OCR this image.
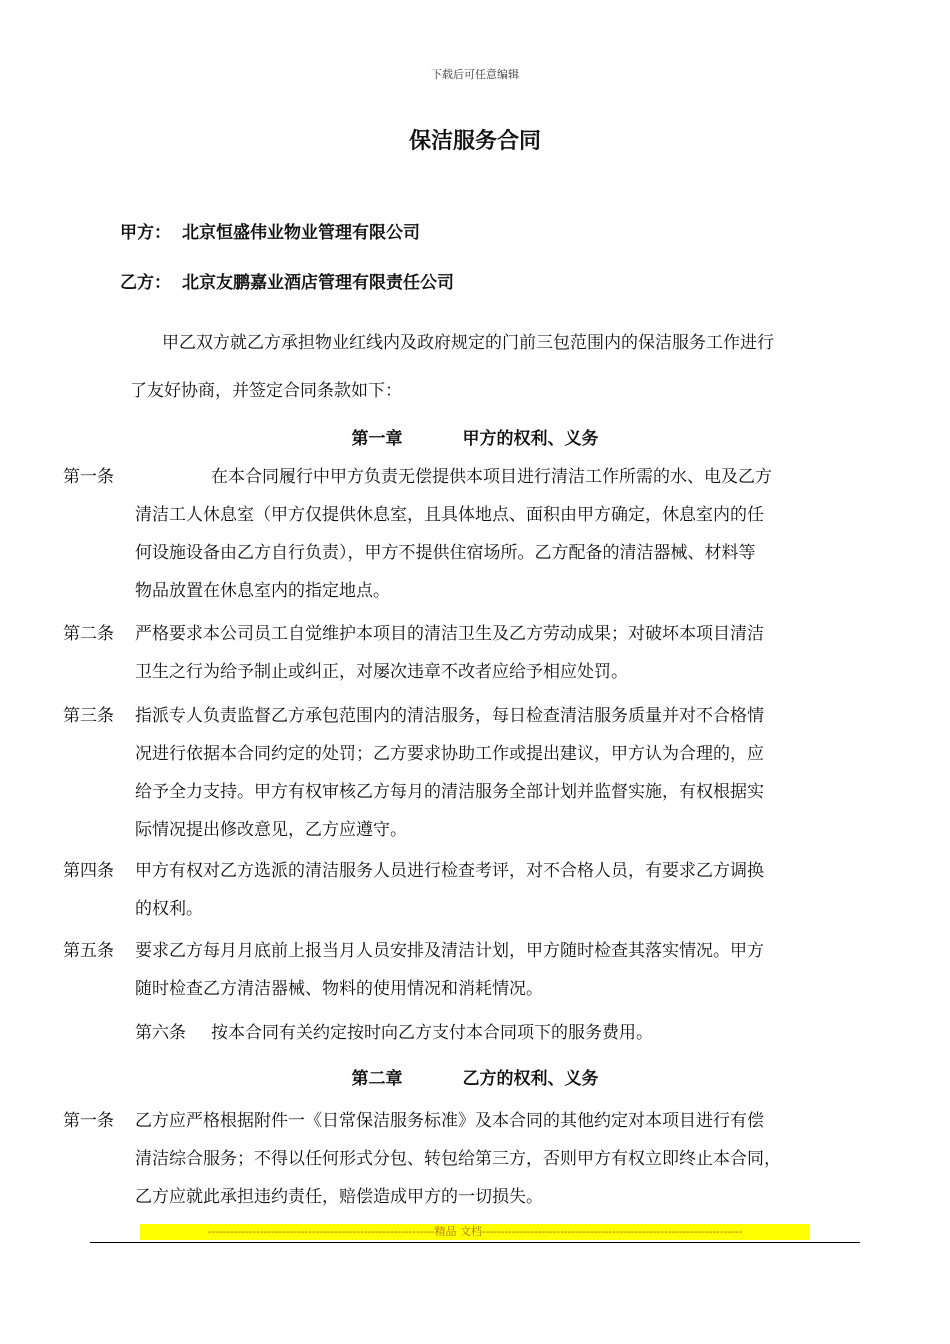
下载后可任意编辑
保洁服务合同
甲方： 北京恒盛伟业物业管理有限公司
乙方： 北京友鹏嘉业酒店管理有限责任公司
甲乙双方就乙方承担物业红线内及政府规定的门前三包范围内的保洁服务工作进行
了友好协商，并签定合同条款如下：
第一章	甲方的权利、义务
第一条	在本合同履行中甲方负责无偿提供本项目进行清洁工作所需的水、电及乙方
清洁工人休息室（甲方仅提供休息室，且具体地点、面积由甲方确定，休息室内的任
何设施设备由乙方自行负责），甲方不提供住宿场所。乙方配备的清洁器械、材料等
物品放置在休息室内的指定地点。
第二条 严格要求本公司员工自觉维护本项目的清洁卫生及乙方劳动成果；对破坏本项目清洁
卫生之行为给予制止或纠正，对屡次违章不改者应给予相应处罚。
第三条 指派专人负责监督乙方承包范围内的清洁服务，每日检查清洁服务质量并对不合格情
况进行依据本合同约定的处罚；乙方要求协助工作或提出建议，甲方认为合理的，应
给予全力支持。甲方有权审核乙方每月的清洁服务全部计划并监督实施，有权根据实
际情况提出修改意见，乙方应遵守。
第四条 甲方有权对乙方选派的清洁服务人员进行检查考评，对不合格人员，有要求乙方调换
的权利。
第五条 要求乙方每月月底前上报当月人员安排及清洁计划，甲方随时检查其落实情况。甲方
随时检查乙方清洁器械、物料的使用情况和消耗情况。
第六条 按本合同有关约定按时向乙方支付本合同项下的服务费用。
第二章	乙方的权利、义务
第一条 乙方应严格根据附件一《日常保洁服务标准》及本合同的其他约定对本项目进行有偿
清洁综合服务；不得以任何形式分包、转包给第三方，否则甲方有权立即终止本合同，
乙方应就此承担违约责任，赔偿造成甲方的一切损失。
-------------------------------------------------------------精品 文档----------------------------------------------------------------------
